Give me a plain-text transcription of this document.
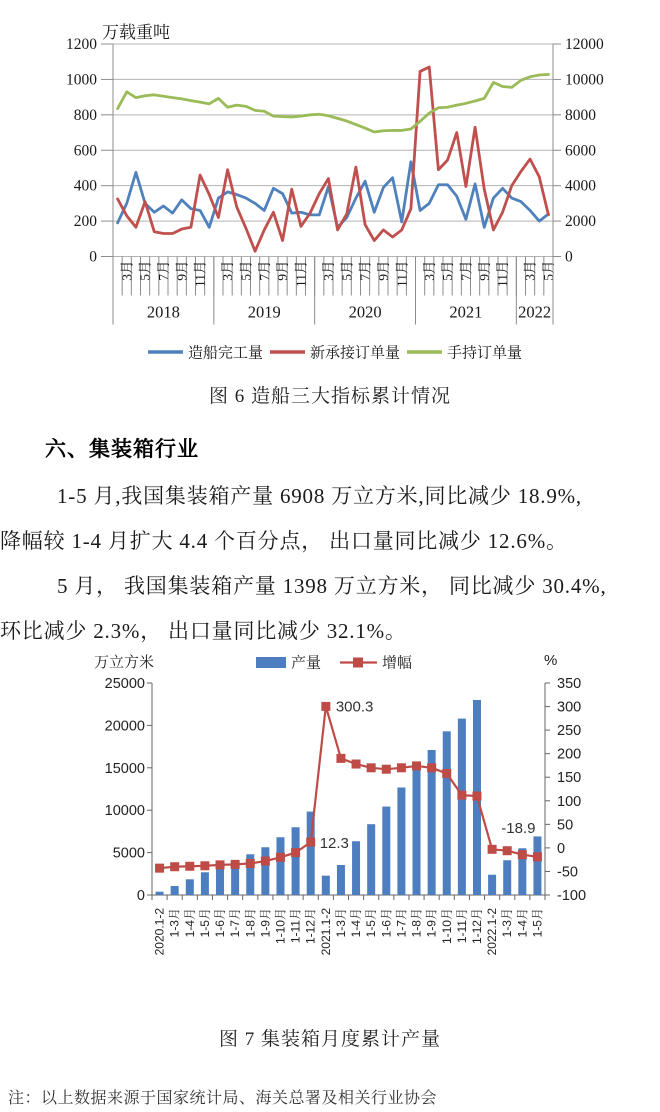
0
200
400
600
800
1000
1200
0
2000
4000
6000
8000
10000
12000
万载重吨
3月 5月 7月 9月 11月
2018
3月 5月 7月 9月 11月
2019
3月 5月 7月 9月 11月
2020
3月 5月 7月 9月 11月
2021
3月 5月
2022
造船完工量	新承接订单量	手持订单量
图 6 造船三大指标累计情况
六、集装箱行业
1-5 月,我国集装箱产量 6908 万立方米,同比减少 18.9%,
降幅较 1-4 月扩大 4.4 个百分点， 出口量同比减少 12.6%。
5 月， 我国集装箱产量 1398 万立方米， 同比减少 30.4%,
环比减少 2.3%， 出口量同比减少 32.1%。
0
5000
10000
15000
20000
25000
-100
-50
0
50
100
150
200
250
300
350
万立方米	%
2020.1-2 1-3月 1-4月 1-5月 1-6月 1-7月 1-8月 1-9月 1-10月 1-11月 1-12月 2021.1-2 1-3月 1-4月 1-5月 1-6月 1-7月 1-8月 1-9月 1-10月 1-11月 1-12月 2022.1-2 1-3月 1-4月 1-5月
300.3
12.3
-18.9
产量	增幅
图 7 集装箱月度累计产量
注：以上数据来源于国家统计局、海关总署及相关行业协会
